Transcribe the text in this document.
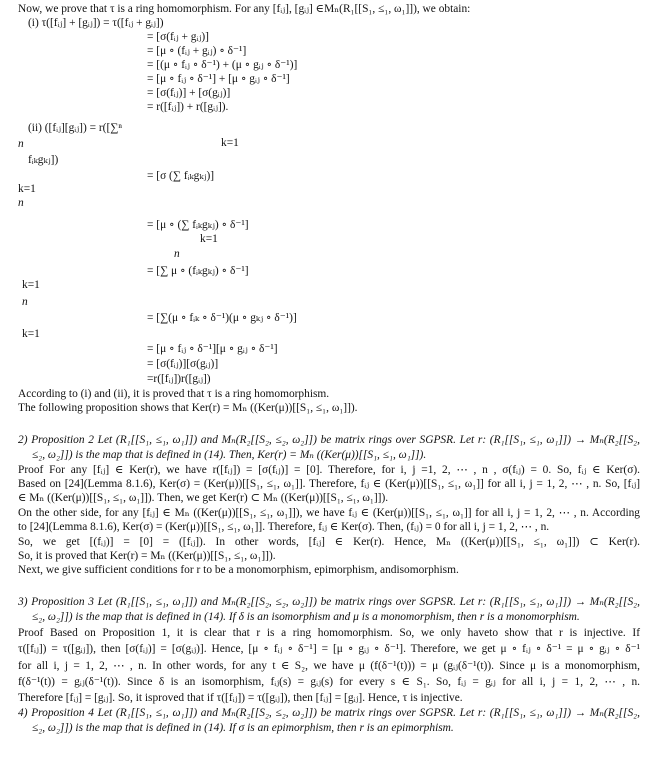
Now, we prove that τ is a ring homomorphism. For any [fᵢⱼ], [gᵢⱼ] ∈Mₙ(R₁[[S₁, ≤₁, ω₁]]), we obtain:
(i) τ([fᵢⱼ] + [gᵢⱼ]) = τ([fᵢⱼ + gᵢⱼ])
= [σ(fᵢⱼ + gᵢⱼ)]
= [μ ∘ (fᵢⱼ + gᵢⱼ) ∘ δ⁻¹]
= [(μ ∘ fᵢⱼ ∘ δ⁻¹) + (μ ∘ gᵢⱼ ∘ δ⁻¹)]
= [μ ∘ fᵢⱼ ∘ δ⁻¹] + [μ ∘ gᵢⱼ ∘ δ⁻¹]
= [σ(fᵢⱼ)] + [σ(gᵢⱼ)]
= r([fᵢⱼ]) + r([gᵢⱼ]).
(ii) ([fᵢⱼ][gᵢⱼ]) = r([∑ⁿ
n	k=1
fᵢₖgₖⱼ])
= [σ (∑ fᵢₖgₖⱼ)]
k=1
n
= [μ ∘ (∑ fᵢₖgₖⱼ) ∘ δ⁻¹]
k=1
n
= [∑ μ ∘ (fᵢₖgₖⱼ) ∘ δ⁻¹]
k=1
n
= [∑(μ ∘ fᵢₖ ∘ δ⁻¹)(μ ∘ gₖⱼ ∘ δ⁻¹)]
k=1
= [μ ∘ fᵢⱼ ∘ δ⁻¹][μ ∘ gᵢⱼ ∘ δ⁻¹]
= [σ(fᵢⱼ)][σ(gᵢⱼ)]
=r([fᵢⱼ])r([gᵢⱼ])
According to (i) and (ii), it is proved that τ is a ring homomorphism.
The following proposition shows that Ker(r) = Mₙ ((Ker(μ))[[S₁, ≤₁, ω₁]]).
2) Proposition 2 Let (R₁[[S₁, ≤₁, ω₁]]) and Mₙ(R₂[[S₂, ≤₂, ω₂]]) be matrix rings over SGPSR. Let r: (R₁[[S₁, ≤₁, ω₁]]) → Mₙ(R₂[[S₂,
≤₂, ω₂]]) is the map that is defined in (14). Then, Ker(r) = Mₙ ((Ker(μ))[[S₁, ≤₁, ω₁]]).
Proof For any [fᵢⱼ] ∈ Ker(r), we have r([fᵢⱼ]) = [σ(fᵢⱼ)] = [0]. Therefore, for i, j =1, 2, ⋯ , n , σ(fᵢⱼ) = 0. So, fᵢⱼ ∈ Ker(σ).
Based on [24](Lemma 8.1.6), Ker(σ) = (Ker(μ))[[S₁, ≤₁, ω₁]]. Therefore, fᵢⱼ ∈ (Ker(μ))[[S₁, ≤₁, ω₁]] for all i, j = 1, 2, ⋯ , n. So, [fᵢⱼ]
∈ Mₙ ((Ker(μ))[[S₁, ≤₁, ω₁]]). Then, we get Ker(r) ⊂ Mₙ ((Ker(μ))[[S₁, ≤₁, ω₁]]).
On the other side, for any [fᵢⱼ] ∈ Mₙ ((Ker(μ))[[S₁, ≤₁, ω₁]]), we have fᵢⱼ ∈ (Ker(μ))[[S₁, ≤₁, ω₁]] for all i, j = 1, 2, ⋯ , n. According
to [24](Lemma 8.1.6), Ker(σ) = (Ker(μ))[[S₁, ≤₁, ω₁]]. Therefore, fᵢⱼ ∈ Ker(σ). Then, (fᵢⱼ) = 0 for all i, j = 1, 2, ⋯ , n.
So, we get [(fᵢⱼ)] = [0] = ([fᵢⱼ]). In other words, [fᵢⱼ] ∈ Ker(r). Hence, Mₙ ((Ker(μ))[[S₁, ≤₁, ω₁]]) ⊂ Ker(r).
So, it is proved that Ker(r) = Mₙ ((Ker(μ))[[S₁, ≤₁, ω₁]]).
Next, we give sufficient conditions for r to be a monomorphism, epimorphism, andisomorphism.
3) Proposition 3 Let (R₁[[S₁, ≤₁, ω₁]]) and Mₙ(R₂[[S₂, ≤₂, ω₂]]) be matrix rings over SGPSR. Let r: (R₁[[S₁, ≤₁, ω₁]]) → Mₙ(R₂[[S₂,
≤₂, ω₂]]) is the map that is defined in (14). If δ is an isomorphism and μ is a monomorphism, then r is a monomorphism.
Proof Based on Proposition 1, it is clear that r is a ring homomorphism. So, we only haveto show that r is injective. If
τ([fᵢⱼ]) = τ([gᵢⱼ]), then [σ(fᵢⱼ)] = [σ(gᵢⱼ)]. Hence, [μ ∘ fᵢⱼ ∘ δ⁻¹] = [μ ∘ gᵢⱼ ∘ δ⁻¹]. Therefore, we get μ ∘ fᵢⱼ ∘ δ⁻¹ = μ ∘ gᵢⱼ ∘ δ⁻¹
for all i, j = 1, 2, ⋯ , n. In other words, for any t ∈ S₂, we have μ (f(δ⁻¹(t))) = μ (gᵢⱼ(δ⁻¹(t)). Since μ is a monomorphism,
f(δ⁻¹(t)) = gᵢⱼ(δ⁻¹(t)). Since δ is an isomorphism, fᵢⱼ(s) = gᵢⱼ(s) for every s ∈ S₁. So, fᵢⱼ = gᵢⱼ for all i, j = 1, 2, ⋯ , n.
Therefore [fᵢⱼ] = [gᵢⱼ]. So, it isproved that if τ([fᵢⱼ]) = τ([gᵢⱼ]), then [fᵢⱼ] = [gᵢⱼ]. Hence, τ is injective.
4) Proposition 4 Let (R₁[[S₁, ≤₁, ω₁]]) and Mₙ(R₂[[S₂, ≤₂, ω₂]]) be matrix rings over SGPSR. Let r: (R₁[[S₁, ≤₁, ω₁]]) → Mₙ(R₂[[S₂,
≤₂, ω₂]]) is the map that is defined in (14). If σ is an epimorphism, then r is an epimorphism.
